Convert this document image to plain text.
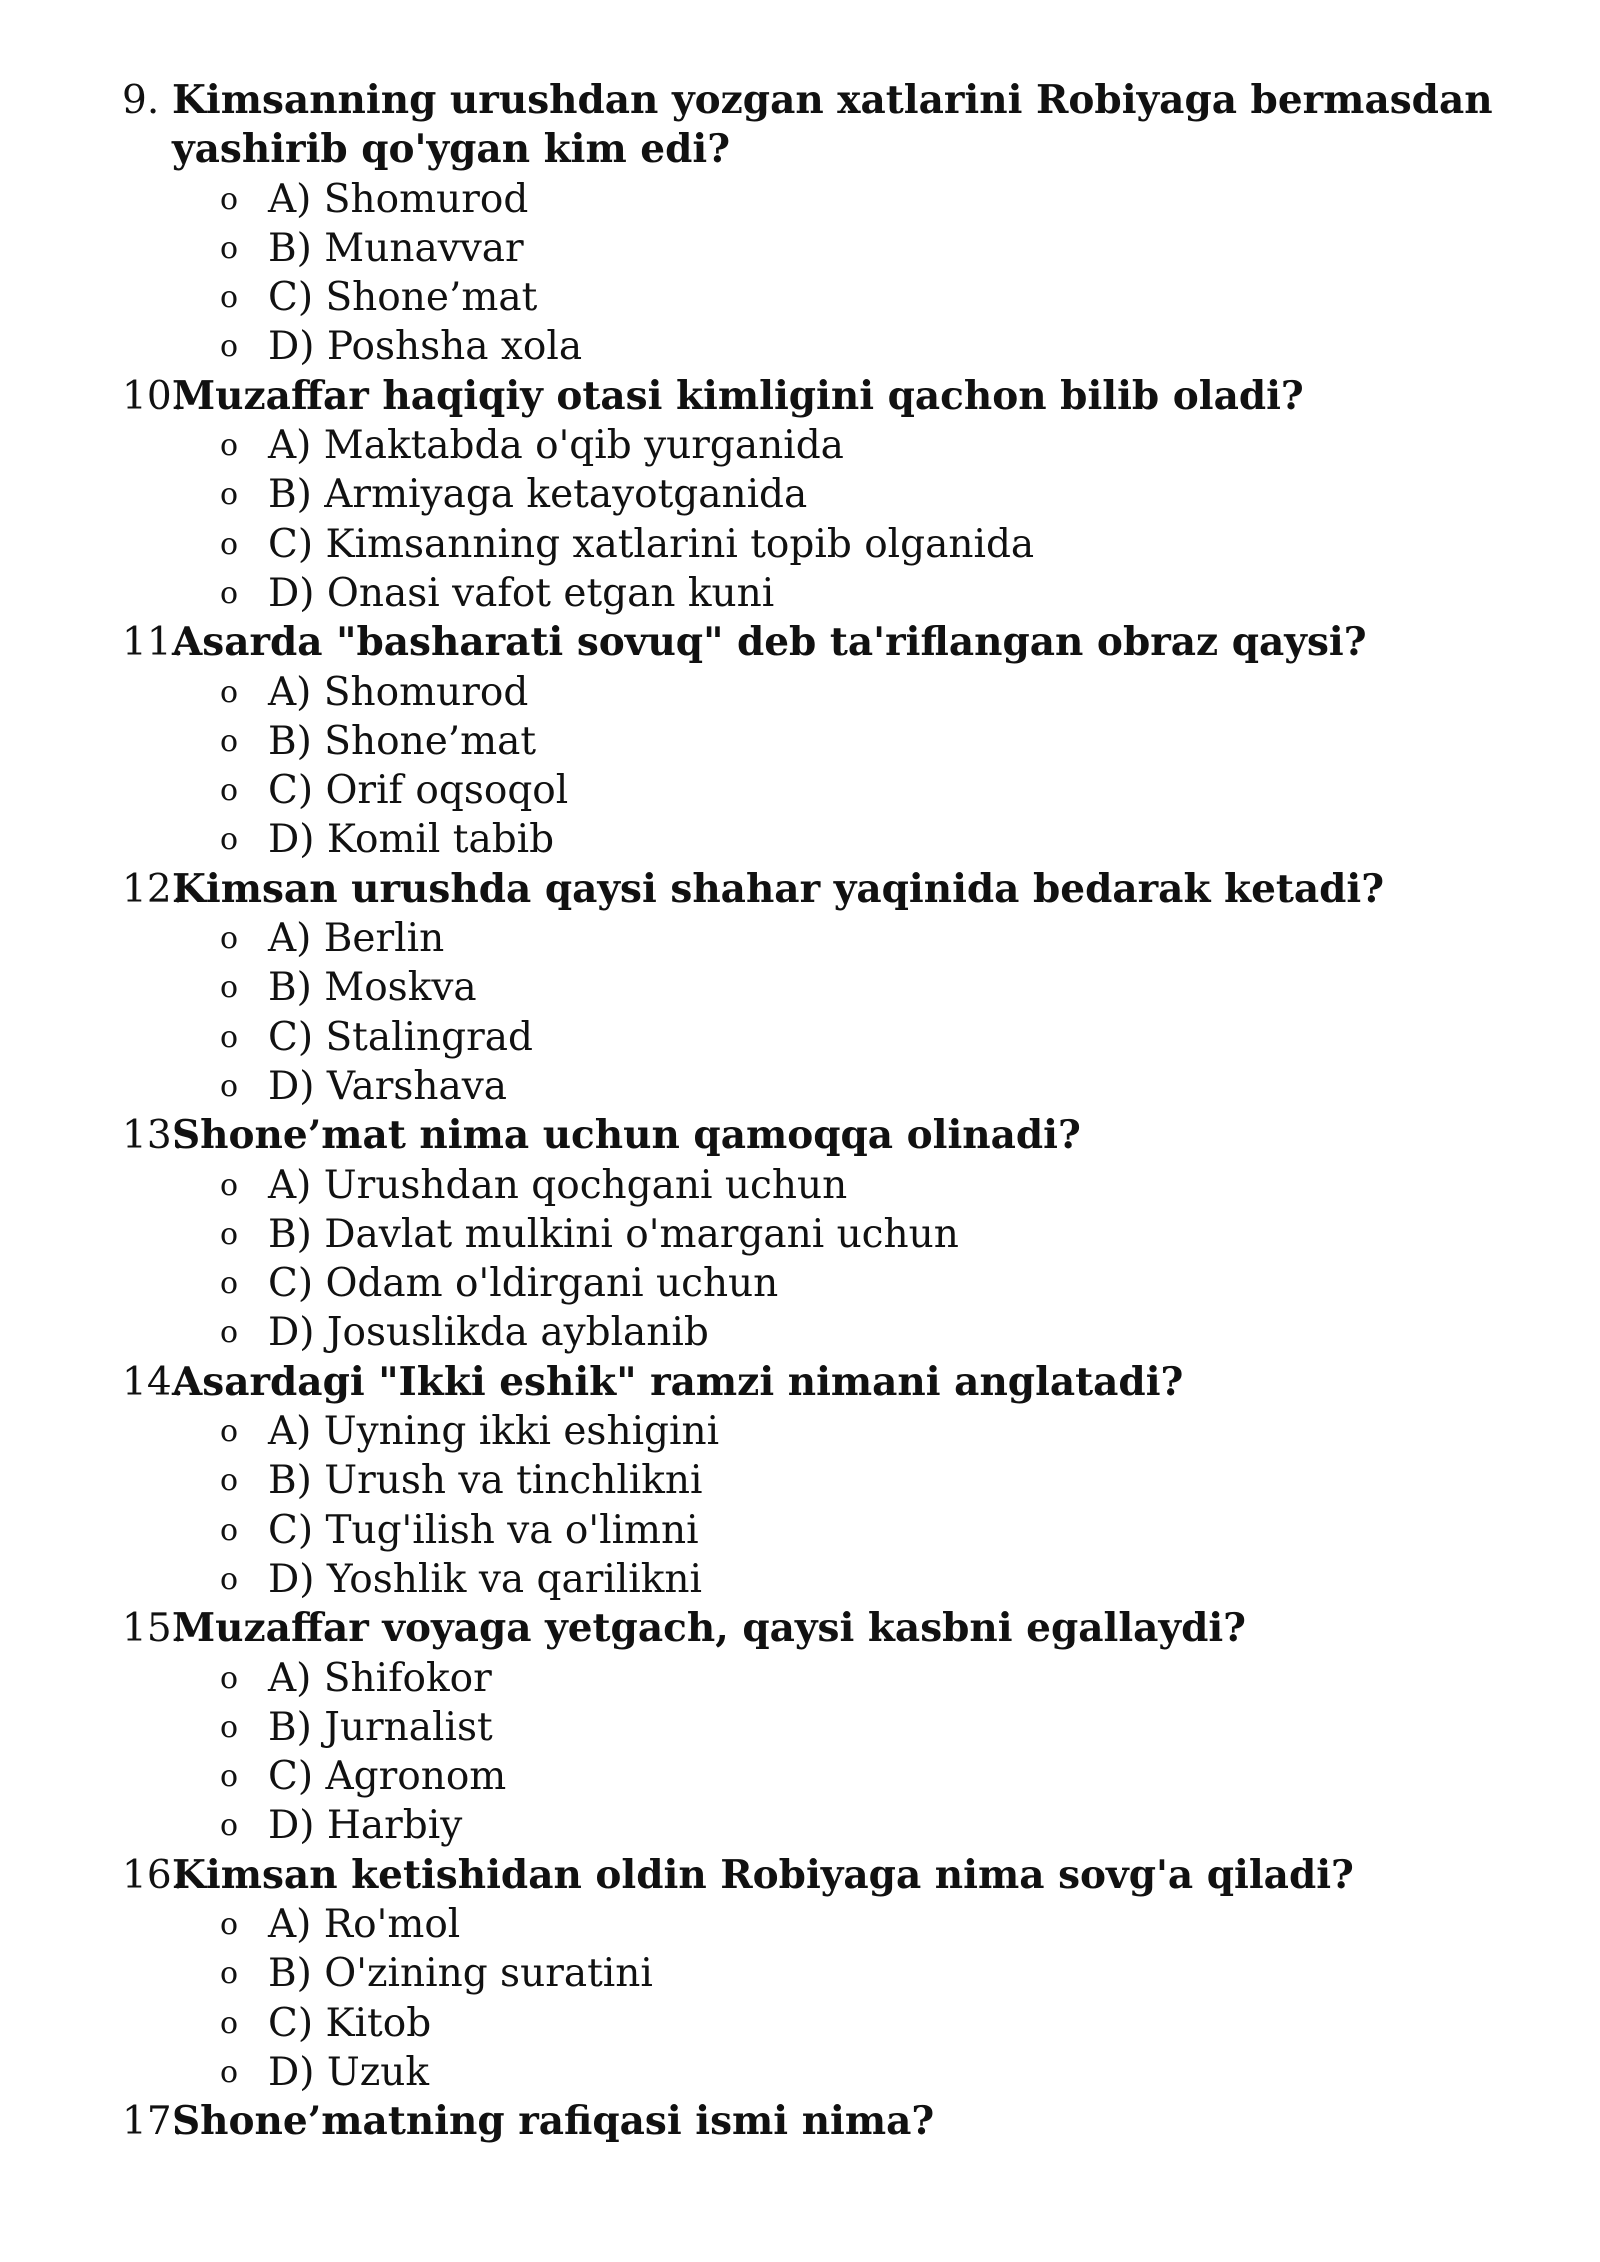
9. Kimsanning urushdan yozgan xatlarini Robiyaga bermasdan yashirib qo'ygan kim edi?
o A) Shomurod
o B) Munavvar
o C) Shone’mat
o D) Poshsha xola
10.
Muzaffar haqiqiy otasi kimligini qachon bilib oladi?
o A) Maktabda o'qib yurganida
o B) Armiyaga ketayotganida
o C) Kimsanning xatlarini topib olganida
o D) Onasi vafot etgan kuni
11.
Asarda "basharati sovuq" deb ta'riflangan obraz qaysi?
o A) Shomurod
o B) Shone’mat
o C) Orif oqsoqol
o D) Komil tabib
12.
Kimsan urushda qaysi shahar yaqinida bedarak ketadi?
o A) Berlin
o B) Moskva
o C) Stalingrad
o D) Varshava
13.
Shone’mat nima uchun qamoqqa olinadi?
o A) Urushdan qochgani uchun
o B) Davlat mulkini o'margani uchun
o C) Odam o'ldirgani uchun
o D) Josuslikda ayblanib
14.
Asardagi "Ikki eshik" ramzi nimani anglatadi?
o A) Uyning ikki eshigini
o B) Urush va tinchlikni
o C) Tug'ilish va o'limni
o D) Yoshlik va qarilikni
15.
Muzaffar voyaga yetgach, qaysi kasbni egallaydi?
o A) Shifokor
o B) Jurnalist
o C) Agronom
o D) Harbiy
16.
Kimsan ketishidan oldin Robiyaga nima sovg'a qiladi?
o A) Ro'mol
o B) O'zining suratini
o C) Kitob
o D) Uzuk
17.
Shone’matning rafiqasi ismi nima?
